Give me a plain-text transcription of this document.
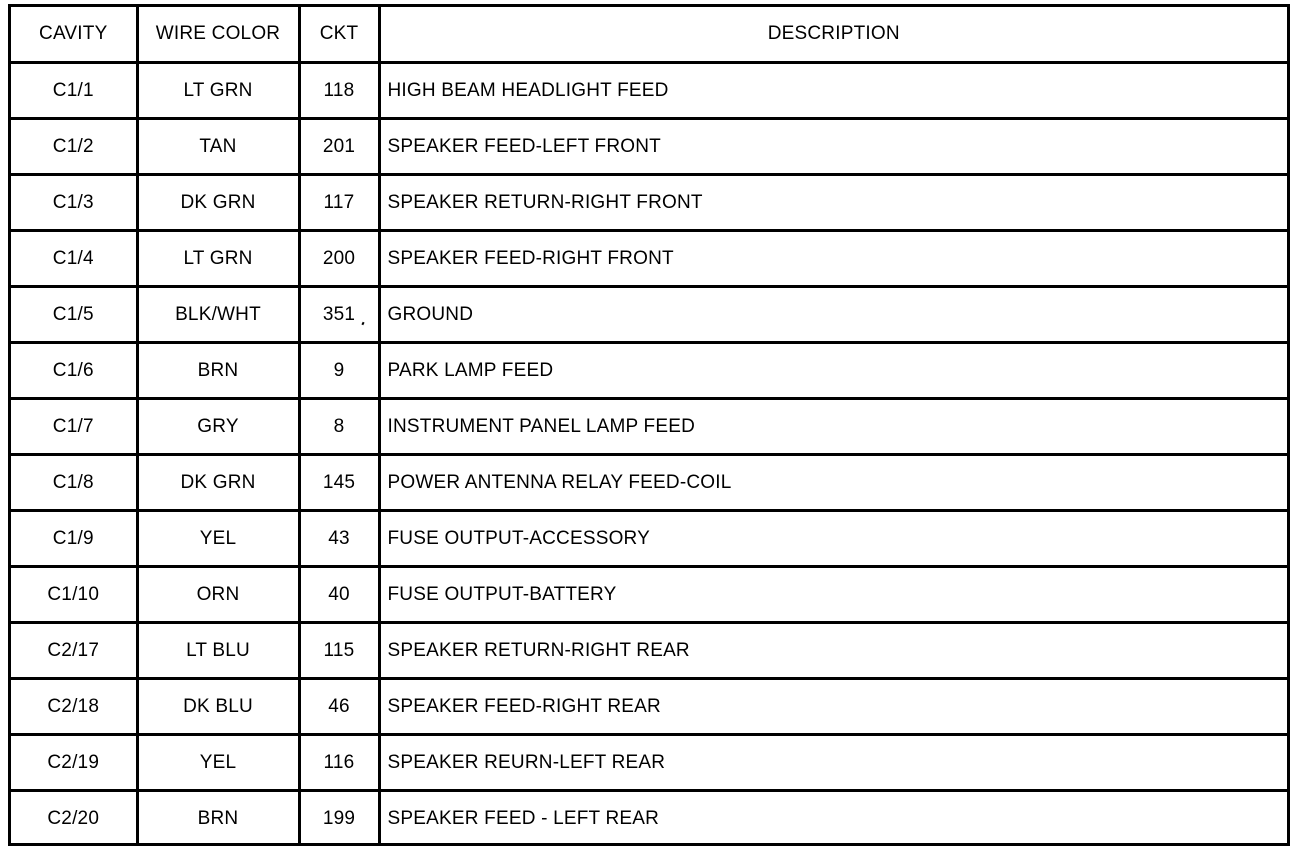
CAVITY	WIRE COLOR	CKT	DESCRIPTION
C1/1	LT GRN	118	HIGH BEAM HEADLIGHT FEED
C1/2	TAN	201	SPEAKER FEED-LEFT FRONT
C1/3	DK GRN	117	SPEAKER RETURN-RIGHT FRONT
C1/4	LT GRN	200	SPEAKER FEED-RIGHT FRONT
C1/5	BLK/WHT	351	GROUND
C1/6	BRN	9	PARK LAMP FEED
C1/7	GRY	8	INSTRUMENT PANEL LAMP FEED
C1/8	DK GRN	145	POWER ANTENNA RELAY FEED-COIL
C1/9	YEL	43	FUSE OUTPUT-ACCESSORY
C1/10	ORN	40	FUSE OUTPUT-BATTERY
C2/17	LT BLU	115	SPEAKER RETURN-RIGHT REAR
C2/18	DK BLU	46	SPEAKER FEED-RIGHT REAR
C2/19	YEL	116	SPEAKER REURN-LEFT REAR
C2/20	BRN	199	SPEAKER FEED - LEFT REAR
